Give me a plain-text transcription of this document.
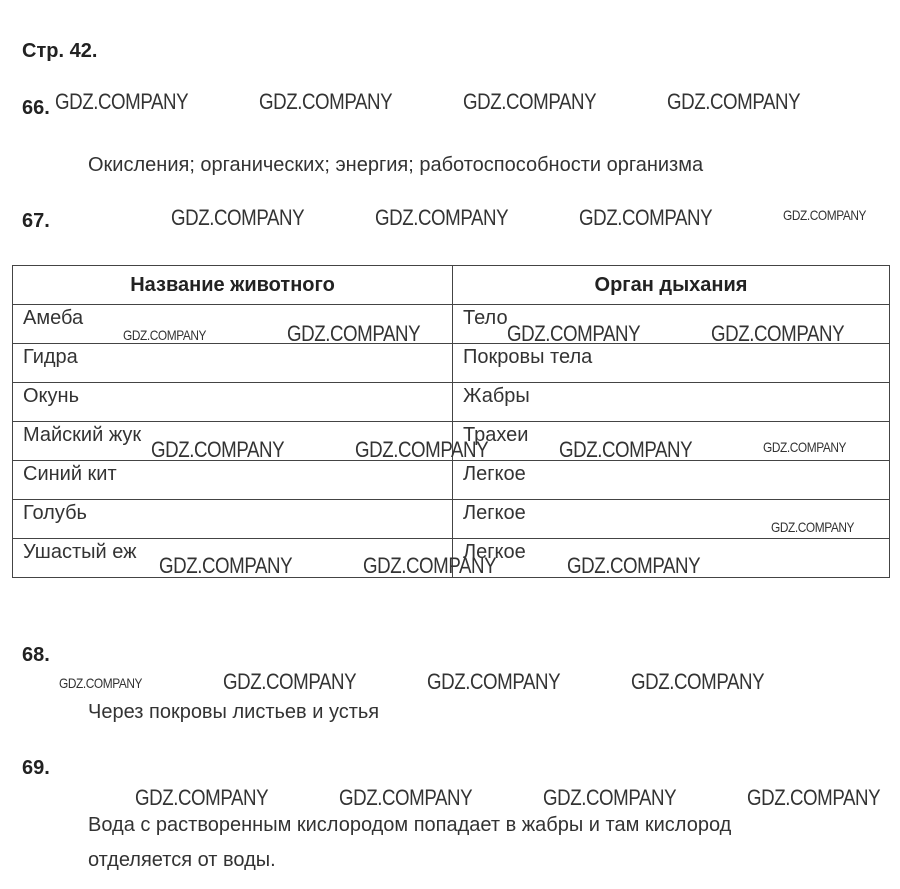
Стр. 42.
66.
Окисления; органических; энергия; работоспособности организма
67.
Название животного	Орган дыхания
Амеба	Тело
Гидра	Покровы тела
Окунь	Жабры
Майский жук	Трахеи
Синий кит	Легкое
Голубь	Легкое
Ушастый еж	Легкое
68.
Через покровы листьев и устья
69.
Вода с растворенным кислородом попадает в жабры и там кислород
отделяется от воды.
GDZ.COMPANY	GDZ.COMPANY	GDZ.COMPANY	GDZ.COMPANY
GDZ.COMPANY	GDZ.COMPANY	GDZ.COMPANY	GDZ.COMPANY
GDZ.COMPANY	GDZ.COMPANY	GDZ.COMPANY	GDZ.COMPANY
GDZ.COMPANY	GDZ.COMPANY	GDZ.COMPANY	GDZ.COMPANY
GDZ.COMPANY
GDZ.COMPANY	GDZ.COMPANY	GDZ.COMPANY
GDZ.COMPANY	GDZ.COMPANY	GDZ.COMPANY	GDZ.COMPANY
GDZ.COMPANY	GDZ.COMPANY	GDZ.COMPANY	GDZ.COMPANY
